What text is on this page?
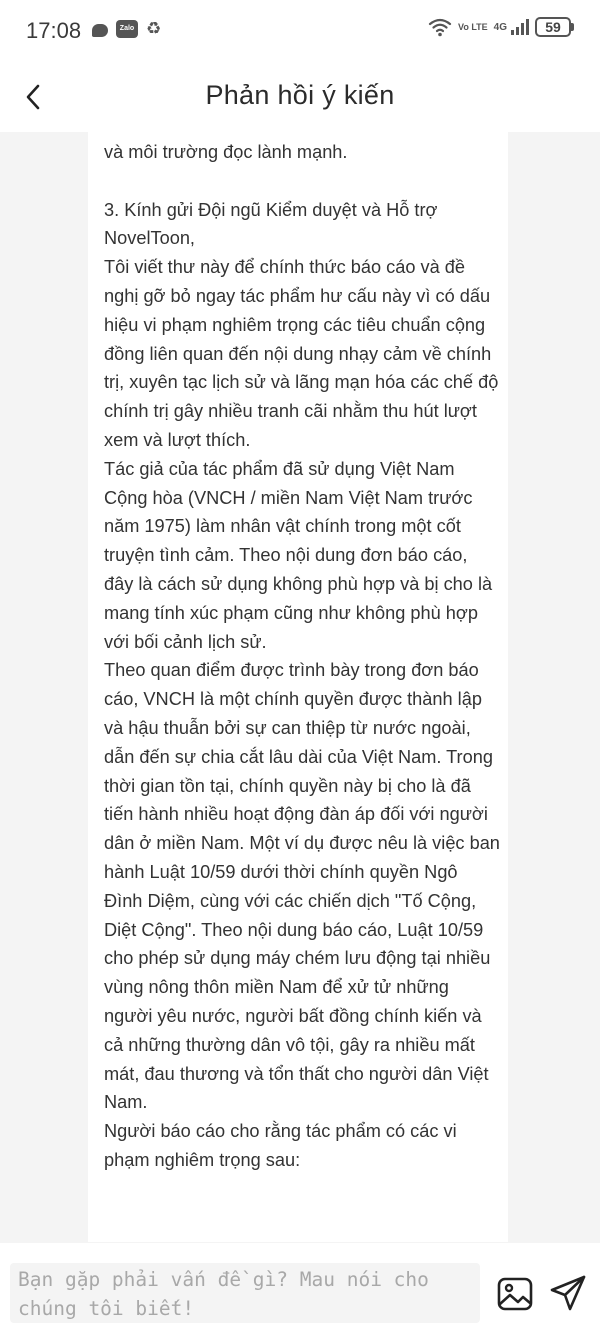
17:08	Zalo ♻	Vo LTE 4G	59
Phản hồi ý kiến

và môi trường đọc lành mạnh.

3. Kính gửi Đội ngũ Kiểm duyệt và Hỗ trợ NovelToon,

Tôi viết thư này để chính thức báo cáo và đề nghị gỡ bỏ ngay tác phẩm hư cấu này vì có dấu hiệu vi phạm nghiêm trọng các tiêu chuẩn cộng đồng liên quan đến nội dung nhạy cảm về chính trị, xuyên tạc lịch sử và lãng mạn hóa các chế độ chính trị gây nhiều tranh cãi nhằm thu hút lượt xem và lượt thích.

Tác giả của tác phẩm đã sử dụng Việt Nam Cộng hòa (VNCH / miền Nam Việt Nam trước năm 1975) làm nhân vật chính trong một cốt truyện tình cảm. Theo nội dung đơn báo cáo, đây là cách sử dụng không phù hợp và bị cho là mang tính xúc phạm cũng như không phù hợp với bối cảnh lịch sử.

Theo quan điểm được trình bày trong đơn báo cáo, VNCH là một chính quyền được thành lập và hậu thuẫn bởi sự can thiệp từ nước ngoài, dẫn đến sự chia cắt lâu dài của Việt Nam. Trong thời gian tồn tại, chính quyền này bị cho là đã tiến hành nhiều hoạt động đàn áp đối với người dân ở miền Nam. Một ví dụ được nêu là việc ban hành Luật 10/59 dưới thời chính quyền Ngô Đình Diệm, cùng với các chiến dịch "Tố Cộng, Diệt Cộng". Theo nội dung báo cáo, Luật 10/59 cho phép sử dụng máy chém lưu động tại nhiều vùng nông thôn miền Nam để xử tử những người yêu nước, người bất đồng chính kiến và cả những thường dân vô tội, gây ra nhiều mất mát, đau thương và tổn thất cho người dân Việt Nam.

Người báo cáo cho rằng tác phẩm có các vi phạm nghiêm trọng sau:

Bạn gặp phải vấn đề gì? Mau nói cho chúng tôi biết!
